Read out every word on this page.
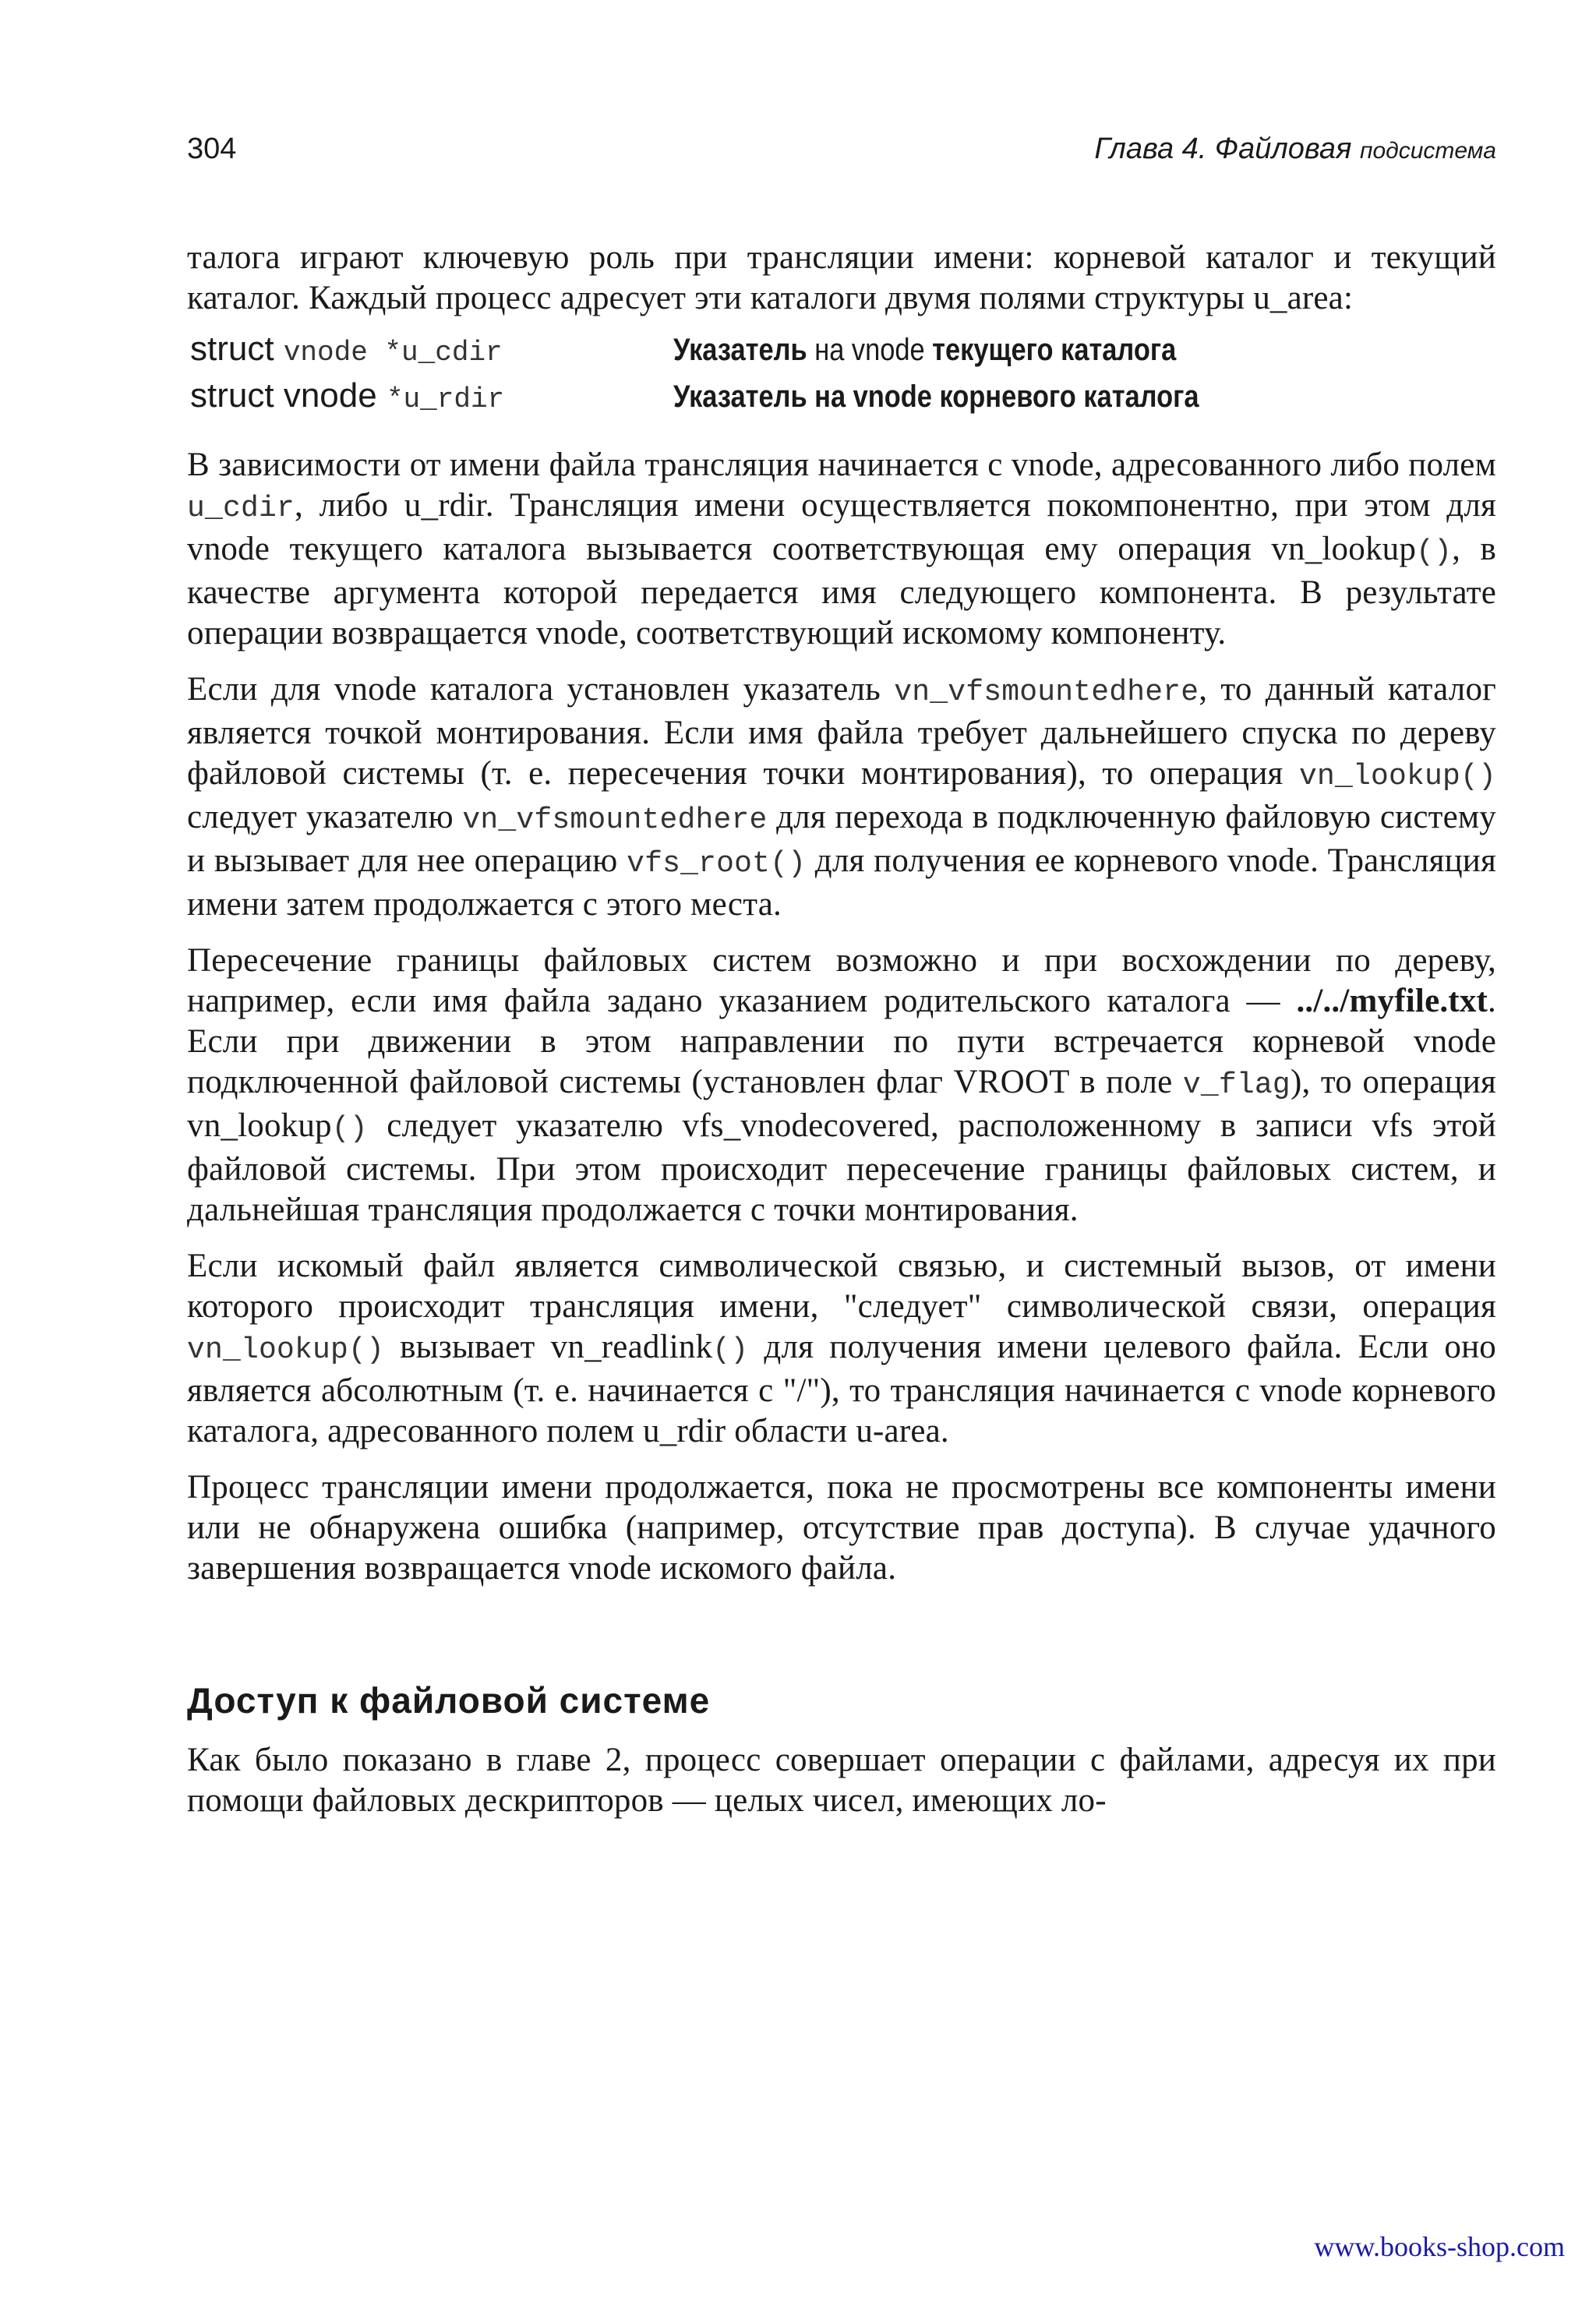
304	Глава 4. Файловая подсистема

талога играют ключевую роль при трансляции имени: корневой каталог и текущий каталог. Каждый процесс адресует эти каталоги двумя полями структуры u_area:

struct vnode *u_cdir	Указатель на vnode текущего каталога
struct vnode *u_rdir	Указатель на vnode корневого каталога

В зависимости от имени файла трансляция начинается с vnode, адресованного либо полем u_cdir, либо u_rdir. Трансляция имени осуществляется покомпонентно, при этом для vnode текущего каталога вызывается соответствующая ему операция vn_lookup(), в качестве аргумента которой передается имя следующего компонента. В результате операции возвращается vnode, соответствующий искомому компоненту.

Если для vnode каталога установлен указатель vn_vfsmountedhere, то данный каталог является точкой монтирования. Если имя файла требует дальнейшего спуска по дереву файловой системы (т. е. пересечения точки монтирования), то операция vn_lookup() следует указателю vn_vfsmountedhere для перехода в подключенную файловую систему и вызывает для нее операцию vfs_root() для получения ее корневого vnode. Трансляция имени затем продолжается с этого места.

Пересечение границы файловых систем возможно и при восхождении по дереву, например, если имя файла задано указанием родительского каталога — ../../myfile.txt. Если при движении в этом направлении по пути встречается корневой vnode подключенной файловой системы (установлен флаг VROOT в поле v_flag), то операция vn_lookup() следует указателю vfs_vnodecovered, расположенному в записи vfs этой файловой системы. При этом происходит пересечение границы файловых систем, и дальнейшая трансляция продолжается с точки монтирования.

Если искомый файл является символической связью, и системный вызов, от имени которого происходит трансляция имени, "следует" символической связи, операция vn_lookup() вызывает vn_readlink() для получения имени целевого файла. Если оно является абсолютным (т. е. начинается с "/"), то трансляция начинается с vnode корневого каталога, адресованного полем u_rdir области u-area.

Процесс трансляции имени продолжается, пока не просмотрены все компоненты имени или не обнаружена ошибка (например, отсутствие прав доступа). В случае удачного завершения возвращается vnode искомого файла.

Доступ к файловой системе

Как было показано в главе 2, процесс совершает операции с файлами, адресуя их при помощи файловых дескрипторов — целых чисел, имеющих ло-

www.books-shop.com
